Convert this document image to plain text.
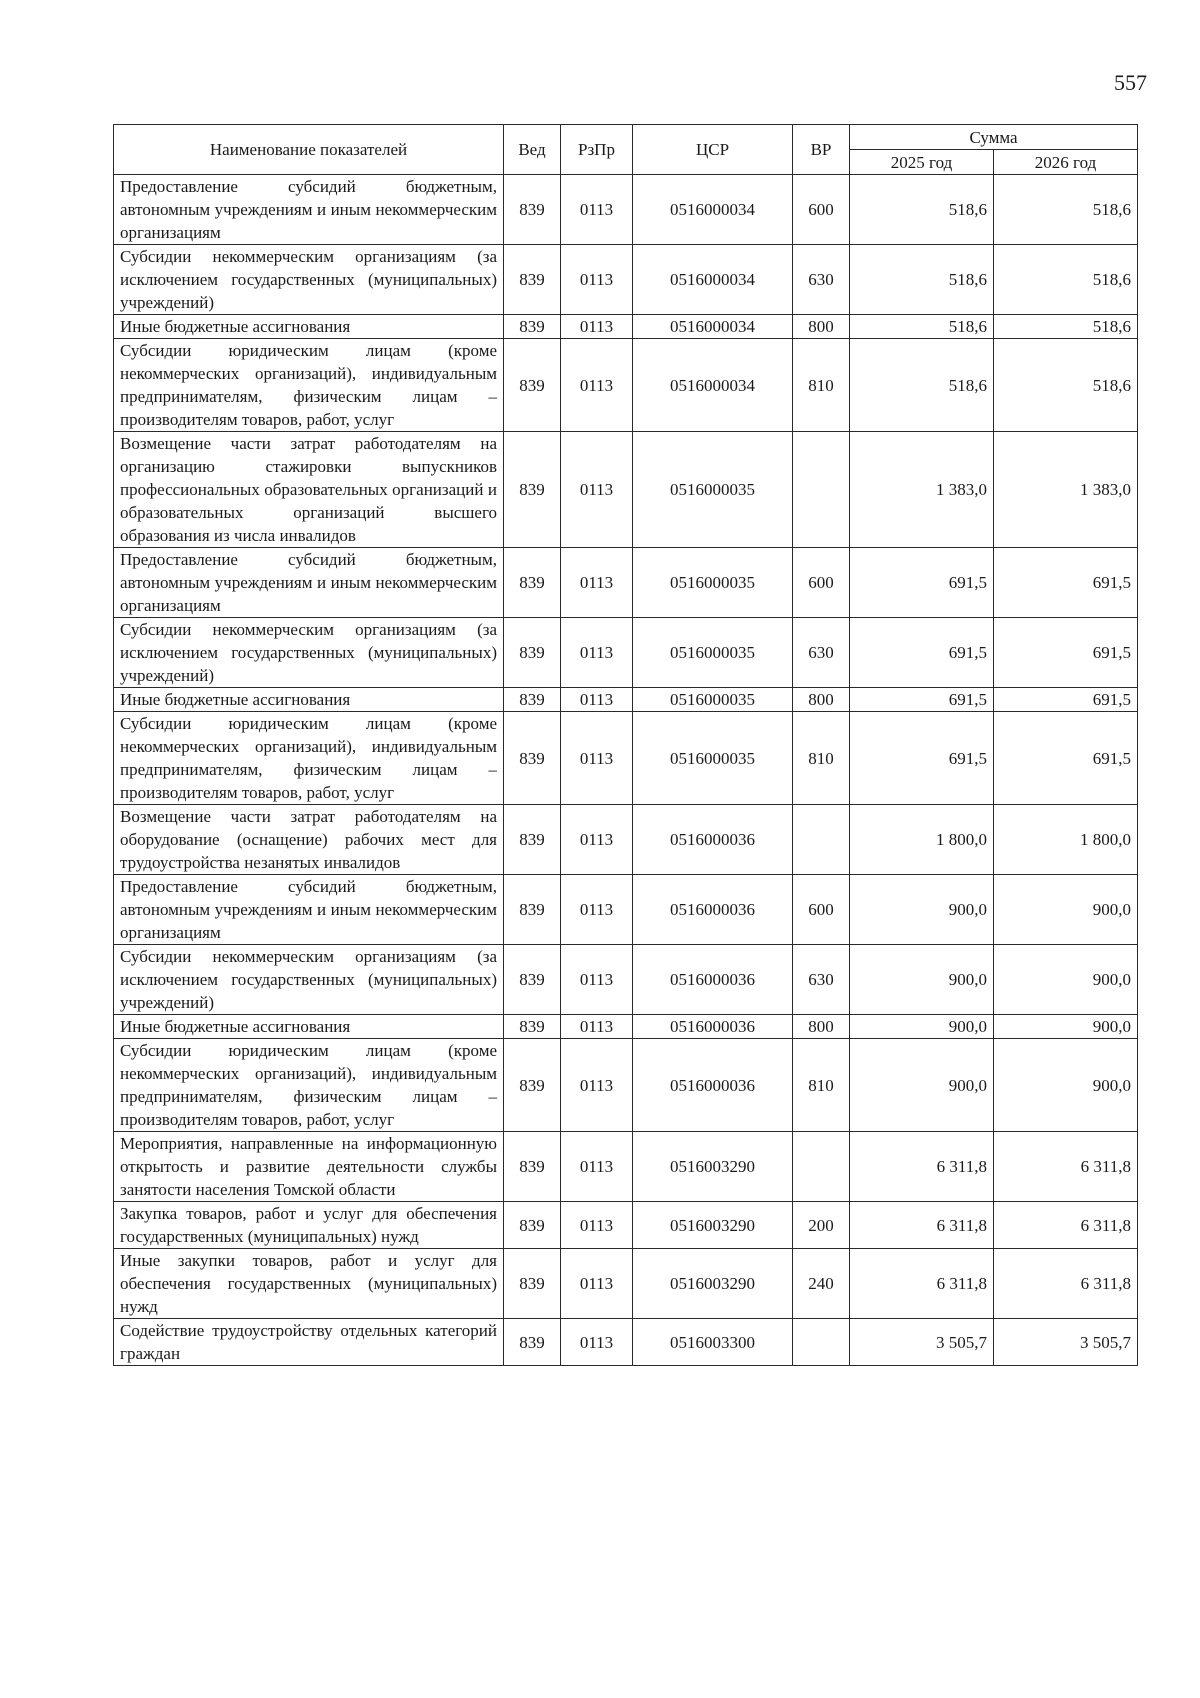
557
Наименование показателей	Вед	РзПр	ЦСР	ВР	Сумма	
					2025 год	2026 год
Предоставление субсидий бюджетным, автономным учреждениям и иным некоммерческим организациям	839	0113	0516000034	600	518,6	518,6
Субсидии некоммерческим организациям (за исключением государственных (муниципальных) учреждений)	839	0113	0516000034	630	518,6	518,6
Иные бюджетные ассигнования	839	0113	0516000034	800	518,6	518,6
Субсидии юридическим лицам (кроме некоммерческих организаций), индивидуальным предпринимателям, физическим лицам – производителям товаров, работ, услуг	839	0113	0516000034	810	518,6	518,6
Возмещение части затрат работодателям на организацию стажировки выпускников профессиональных образовательных организаций и образовательных организаций высшего образования из числа инвалидов	839	0113	0516000035		1 383,0	1 383,0
Предоставление субсидий бюджетным, автономным учреждениям и иным некоммерческим организациям	839	0113	0516000035	600	691,5	691,5
Субсидии некоммерческим организациям (за исключением государственных (муниципальных) учреждений)	839	0113	0516000035	630	691,5	691,5
Иные бюджетные ассигнования	839	0113	0516000035	800	691,5	691,5
Субсидии юридическим лицам (кроме некоммерческих организаций), индивидуальным предпринимателям, физическим лицам – производителям товаров, работ, услуг	839	0113	0516000035	810	691,5	691,5
Возмещение части затрат работодателям на оборудование (оснащение) рабочих мест для трудоустройства незанятых инвалидов	839	0113	0516000036		1 800,0	1 800,0
Предоставление субсидий бюджетным, автономным учреждениям и иным некоммерческим организациям	839	0113	0516000036	600	900,0	900,0
Субсидии некоммерческим организациям (за исключением государственных (муниципальных) учреждений)	839	0113	0516000036	630	900,0	900,0
Иные бюджетные ассигнования	839	0113	0516000036	800	900,0	900,0
Субсидии юридическим лицам (кроме некоммерческих организаций), индивидуальным предпринимателям, физическим лицам – производителям товаров, работ, услуг	839	0113	0516000036	810	900,0	900,0
Мероприятия, направленные на информационную открытость и развитие деятельности службы занятости населения Томской области	839	0113	0516003290		6 311,8	6 311,8
Закупка товаров, работ и услуг для обеспечения государственных (муниципальных) нужд	839	0113	0516003290	200	6 311,8	6 311,8
Иные закупки товаров, работ и услуг для обеспечения государственных (муниципальных) нужд	839	0113	0516003290	240	6 311,8	6 311,8
Содействие трудоустройству отдельных категорий граждан	839	0113	0516003300		3 505,7	3 505,7
